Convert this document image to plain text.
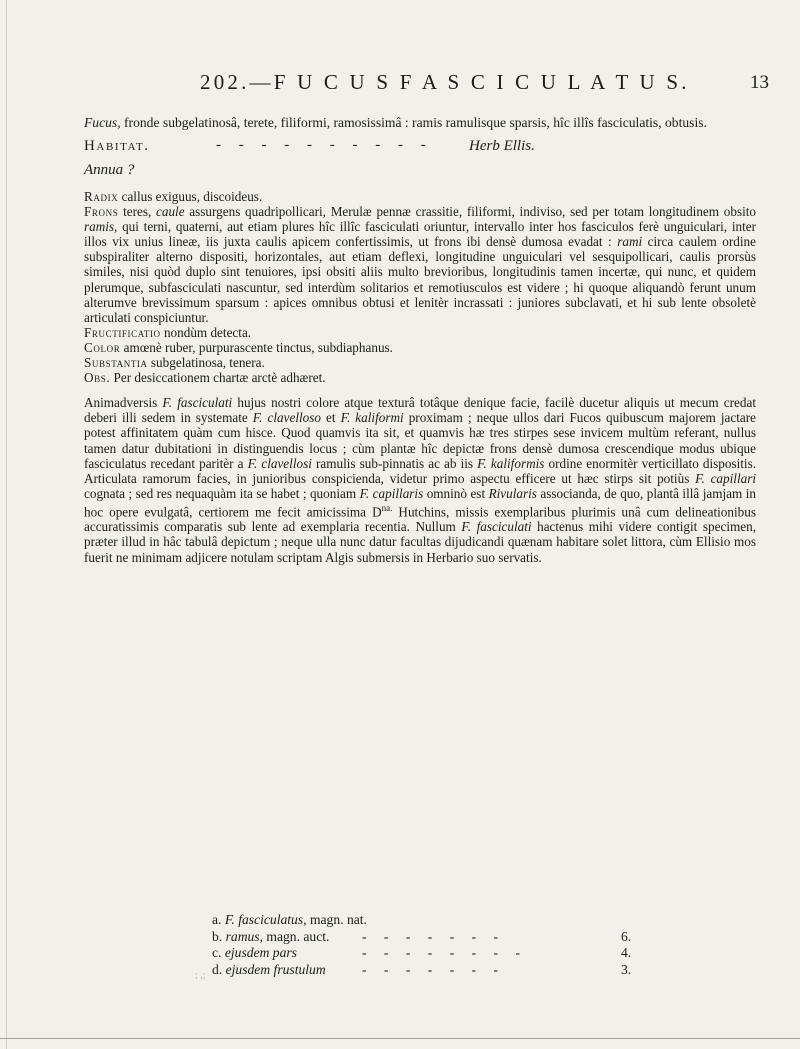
202.—F U C U S F A S C I C U L A T U S.	13

Fucus, fronde subgelatinosâ, terete, filiformi, ramosissimâ : ramis ramulisque sparsis, hîc illîs fasciculatis, obtusis.

Habitat.	- - - - - - - - - - Herb Ellis.

Annua ?

Radix callus exiguus, discoideus.

Frons teres, caule assurgens quadripollicari, Merulæ pennæ crassitie, filiformi, indiviso, sed per totam longitudinem obsito ramis, qui terni, quaterni, aut etiam plures hîc illîc fasciculati oriuntur, intervallo inter hos fasciculos ferè unguiculari, inter illos vix unius lineæ, iis juxta caulis apicem confertissimis, ut frons ibi densè dumosa evadat : rami circa caulem ordine subspiraliter alterno dispositi, horizontales, aut etiam deflexi, longitudine unguiculari vel sesquipollicari, caulis prorsùs similes, nisi quòd duplo sint tenuiores, ipsi obsiti aliis multo brevioribus, longitudinis tamen incertæ, qui nunc, et quidem plerumque, subfasciculati nascuntur, sed interdùm solitarios et remotiusculos est videre ; hi quoque aliquandò ferunt unum alterumve brevissimum sparsum : apices omnibus obtusi et lenitèr incrassati : juniores subclavati, et hi sub lente obsoletè articulati conspiciuntur.

Fructificatio nondùm detecta.

Color amœnè ruber, purpurascente tinctus, subdiaphanus.

Substantia subgelatinosa, tenera.

Obs. Per desiccationem chartæ arctè adhæret.

Animadversis F. fasciculati hujus nostri colore atque texturâ totâque denique facie, facilè ducetur aliquis ut mecum credat deberi illi sedem in systemate F. clavelloso et F. kaliformi proximam ; neque ullos dari Fucos quibuscum majorem jactare potest affinitatem quàm cum hisce. Quod quamvis ita sit, et quamvis hæ tres stirpes sese invicem multùm referant, nullus tamen datur dubitationi in distinguendis locus ; cùm plantæ hîc depictæ frons densè dumosa crescendique modus ubique fasciculatus recedant paritèr a F. clavellosi ramulis sub-pinnatis ac ab iis F. kaliformis ordine enormitèr verticillato dispositis. Articulata ramorum facies, in junioribus conspicienda, videtur primo aspectu efficere ut hæc stirps sit potiùs F. capillari cognata ; sed res nequaquàm ita se habet ; quoniam F. capillaris omninò est Rivularis associanda, de quo, plantâ illâ jamjam in hoc opere evulgatâ, certiorem me fecit amicissima $D^{na.}$ Hutchins, missis exemplaribus plurimis unâ cum delineationibus accuratissimis comparatis sub lente ad exemplaria recentia. Nullum F. fasciculati hactenus mihi videre contigit specimen, præter illud in hâc tabulâ depictum ; neque ulla nunc datur facultas dijudicandi quænam habitare solet littora, cùm Ellisio mos fuerit ne minimam adjicere notulam scriptam Algis submersis in Herbario suo servatis.

a. F. fasciculatus, magn. nat.
b. ramus, magn. auct. - - - - - - -	6.
c. ejusdem pars	- - - - - - - -	4.
d. ejusdem frustulum	- - - - - - -	3.
; ,;
